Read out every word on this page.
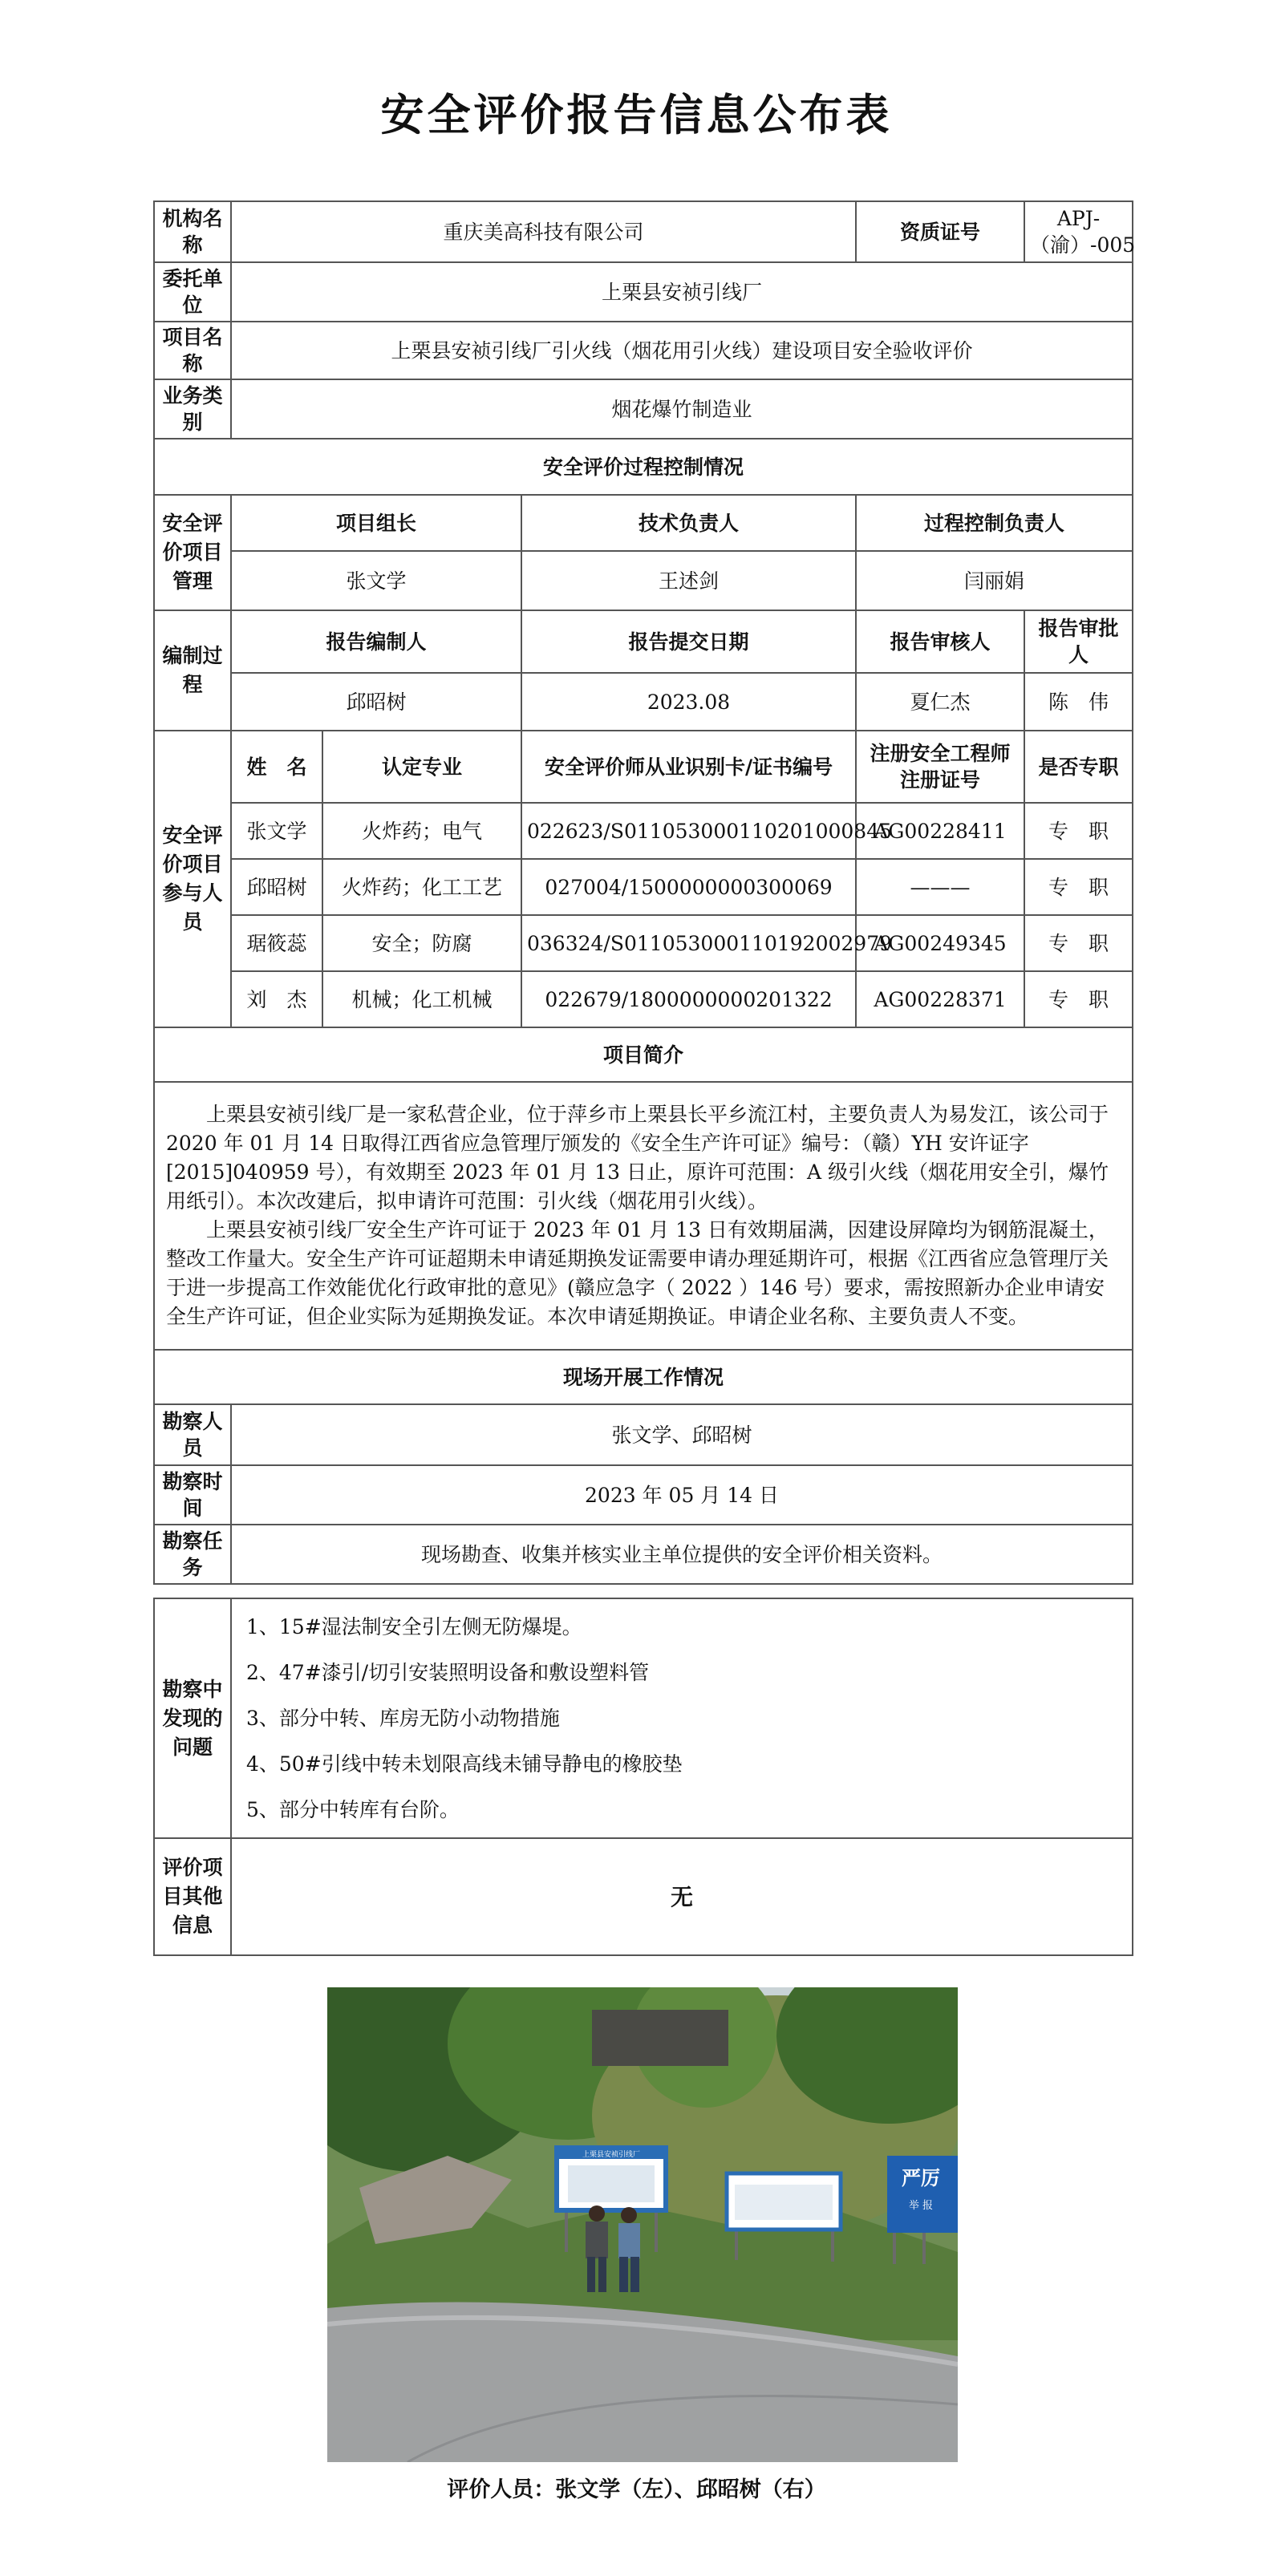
安全评价报告信息公布表
机构名称	重庆美高科技有限公司			资质证号	APJ-（渝）-005
委托单位	上栗县安祯引线厂				
项目名称	上栗县安祯引线厂引火线（烟花用引火线）建设项目安全验收评价				
业务类别	烟花爆竹制造业				
安全评价过程控制情况					
安全评价项目管理	项目组长		技术负责人	过程控制负责人	
	张文学		王述剑	闫丽娟	
编制过程	报告编制人		报告提交日期	报告审核人	报告审批人
	邱昭树		2023.08	夏仁杰	陈　伟
安全评价项目参与人员	姓　名	认定专业	安全评价师从业识别卡/证书编号	注册安全工程师注册证号	是否专职
	张文学	火炸药；电气	022623/S011053000110201000845	AG00228411	专　职
	邱昭树	火炸药；化工工艺	027004/1500000000300069	———	专　职
	琚筱蕊	安全；防腐	036324/S011053000110192002979	AG00249345	专　职
	刘　杰	机械；化工机械	022679/1800000000201322	AG00228371	专　职
项目简介					

上栗县安祯引线厂是一家私营企业，位于萍乡市上栗县长平乡流江村，主要负责人为易发江，该公司于 2020 年 01 月 14 日取得江西省应急管理厅颁发的《安全生产许可证》编号：（赣）YH 安许证字[2015]040959 号），有效期至 2023 年 01 月 13 日止，原许可范围：A 级引火线（烟花用安全引，爆竹用纸引）。本次改建后，拟申请许可范围：引火线（烟花用引火线）。

上栗县安祯引线厂安全生产许可证于 2023 年 01 月 13 日有效期届满，因建设屏障均为钢筋混凝土，整改工作量大。安全生产许可证超期未申请延期换发证需要申请办理延期许可，根据《江西省应急管理厅关于进一步提高工作效能优化行政审批的意见》(赣应急字（ 2022 ）146 号）要求，需按照新办企业申请安全生产许可证，但企业实际为延期换发证。本次申请延期换证。申请企业名称、主要负责人不变。					

现场开展工作情况					
勘察人员	张文学、邱昭树				
勘察时间	2023 年 05 月 14 日				
勘察任务	现场勘查、收集并核实业主单位提供的安全评价相关资料。				
勘察中发现的问题	1、15#湿法制安全引左侧无防爆堤。
2、47#漆引/切引安装照明设备和敷设塑料管
3、部分中转、库房无防小动物措施
4、50#引线中转未划限高线未铺导静电的橡胶垫
5、部分中转库有台阶。

评价项目其他信息	无
上栗县安祯引线厂
严厉
举 报
评价人员：张文学（左）、邱昭树（右）
